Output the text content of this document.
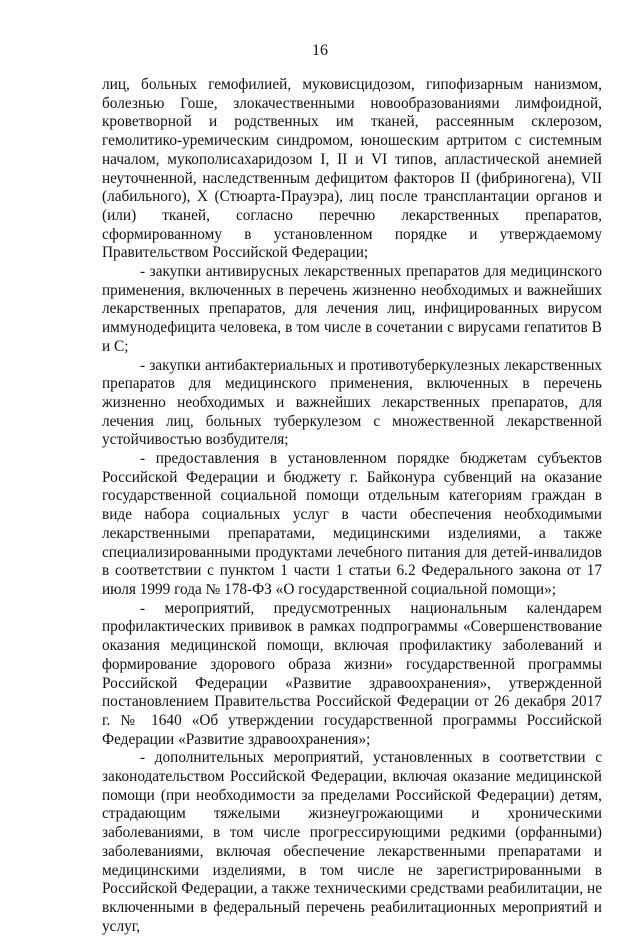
16

лиц, больных гемофилией, муковисцидозом, гипофизарным нанизмом, болезнью Гоше, злокачественными новообразованиями лимфоидной, кроветворной и родственных им тканей, рассеянным склерозом, гемолитико-уремическим синдромом, юношеским артритом с системным началом, мукополисахаридозом I, II и VI типов, апластической анемией неуточненной, наследственным дефицитом факторов II (фибриногена), VII (лабильного), X (Стюарта-Прауэра), лиц после трансплантации органов и (или) тканей, согласно перечню лекарственных препаратов, сформированному в установленном порядке и утверждаемому Правительством Российской Федерации;

- закупки антивирусных лекарственных препаратов для медицинского применения, включенных в перечень жизненно необходимых и важнейших лекарственных препаратов, для лечения лиц, инфицированных вирусом иммунодефицита человека, в том числе в сочетании с вирусами гепатитов В и С;

- закупки антибактериальных и противотуберкулезных лекарственных препаратов для медицинского применения, включенных в перечень жизненно необходимых и важнейших лекарственных препаратов, для лечения лиц, больных туберкулезом с множественной лекарственной устойчивостью возбудителя;

- предоставления в установленном порядке бюджетам субъектов Российской Федерации и бюджету г. Байконура субвенций на оказание государственной социальной помощи отдельным категориям граждан в виде набора социальных услуг в части обеспечения необходимыми лекарственными препаратами, медицинскими изделиями, а также специализированными продуктами лечебного питания для детей-инвалидов в соответствии с пунктом 1 части 1 статьи 6.2 Федерального закона от 17 июля 1999 года № 178-ФЗ «О государственной социальной помощи»;

- мероприятий, предусмотренных национальным календарем профилактических прививок в рамках подпрограммы «Совершенствование оказания медицинской помощи, включая профилактику заболеваний и формирование здорового образа жизни» государственной программы Российской Федерации «Развитие здравоохранения», утвержденной постановлением Правительства Российской Федерации от 26 декабря 2017 г. № 1640 «Об утверждении государственной программы Российской Федерации «Развитие здравоохранения»;

- дополнительных мероприятий, установленных в соответствии с законодательством Российской Федерации, включая оказание медицинской помощи (при необходимости за пределами Российской Федерации) детям, страдающим тяжелыми жизнеугрожающими и хроническими заболеваниями, в том числе прогрессирующими редкими (орфанными) заболеваниями, включая обеспечение лекарственными препаратами и медицинскими изделиями, в том числе не зарегистрированными в Российской Федерации, а также техническими средствами реабилитации, не включенными в федеральный перечень реабилитационных мероприятий и услуг,
